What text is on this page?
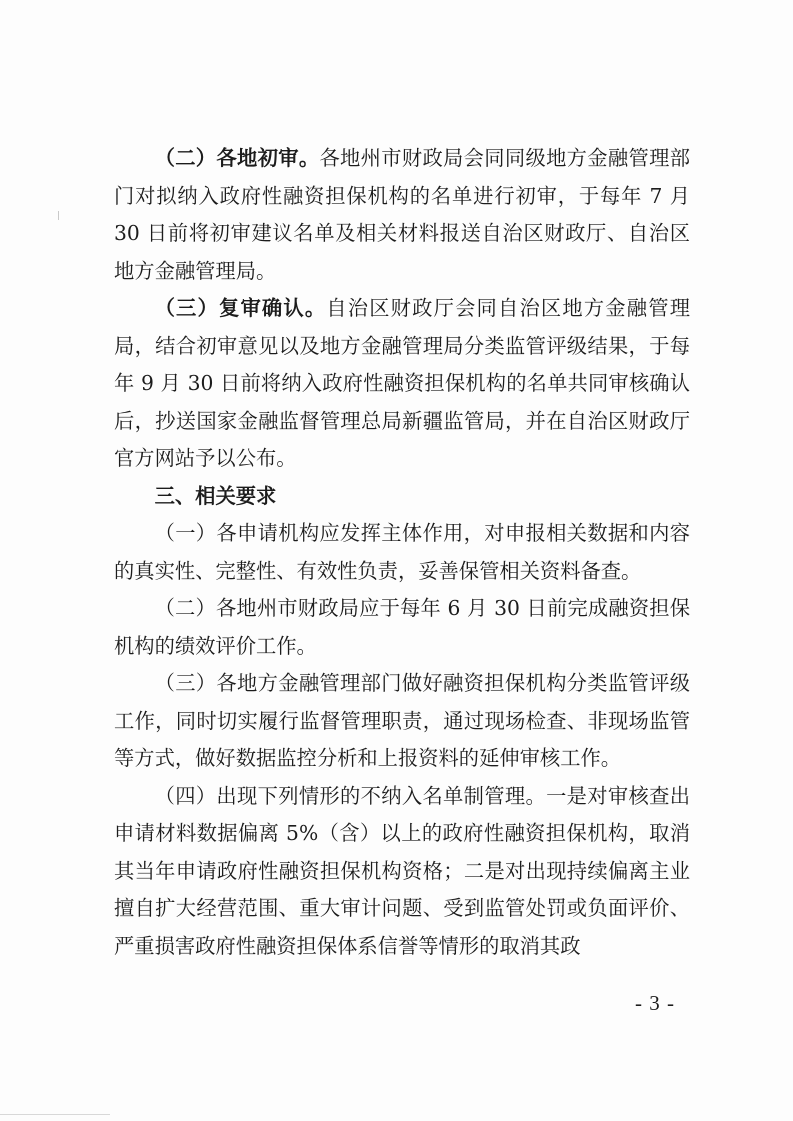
（二）各地初审。各地州市财政局会同同级地方金融管理部门对拟纳入政府性融资担保机构的名单进行初审，于每年 7 月 30 日前将初审建议名单及相关材料报送自治区财政厅、自治区地方金融管理局。

（三）复审确认。自治区财政厅会同自治区地方金融管理局，结合初审意见以及地方金融管理局分类监管评级结果，于每年 9 月 30 日前将纳入政府性融资担保机构的名单共同审核确认后，抄送国家金融监督管理总局新疆监管局，并在自治区财政厅官方网站予以公布。

三、相关要求

（一）各申请机构应发挥主体作用，对申报相关数据和内容的真实性、完整性、有效性负责，妥善保管相关资料备查。

（二）各地州市财政局应于每年 6 月 30 日前完成融资担保机构的绩效评价工作。

（三）各地方金融管理部门做好融资担保机构分类监管评级工作，同时切实履行监督管理职责，通过现场检查、非现场监管等方式，做好数据监控分析和上报资料的延伸审核工作。

（四）出现下列情形的不纳入名单制管理。一是对审核查出申请材料数据偏离 5%（含）以上的政府性融资担保机构，取消其当年申请政府性融资担保机构资格；二是对出现持续偏离主业擅自扩大经营范围、重大审计问题、受到监管处罚或负面评价、严重损害政府性融资担保体系信誉等情形的取消其政

- 3 -
